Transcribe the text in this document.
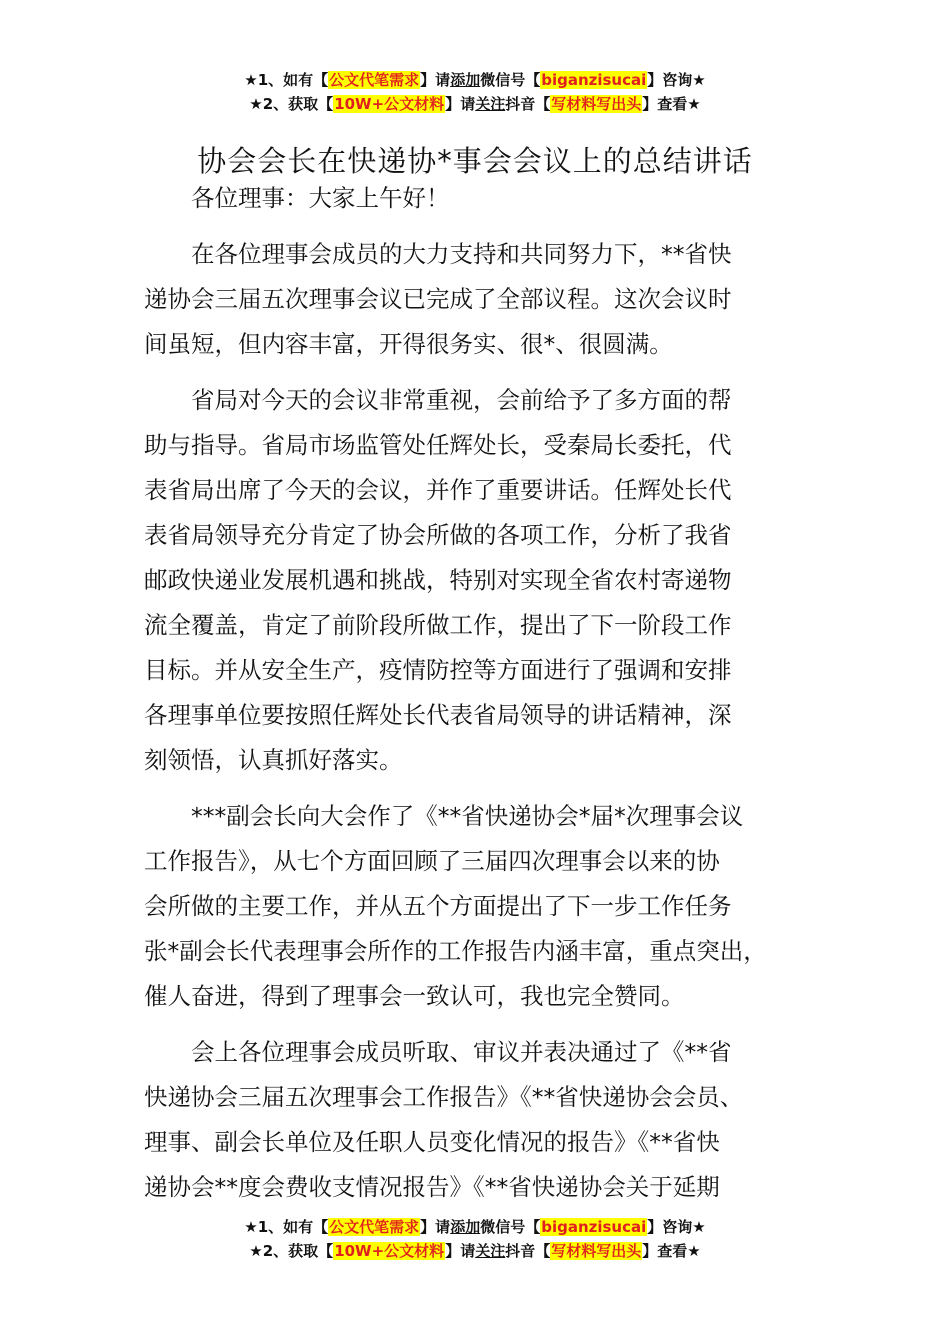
★1、如有【公文代笔需求】请添加微信号【biganzisucai】咨询★
★2、获取【10W+公文材料】请关注抖音【写材料写出头】查看★
协会会长在快递协*事会会议上的总结讲话
各位理事：大家上午好！
在各位理事会成员的大力支持和共同努力下，**省快
递协会三届五次理事会议已完成了全部议程。这次会议时
间虽短，但内容丰富，开得很务实、很*、很圆满。
省局对今天的会议非常重视，会前给予了多方面的帮
助与指导。省局市场监管处任辉处长，受秦局长委托，代
表省局出席了今天的会议，并作了重要讲话。任辉处长代
表省局领导充分肯定了协会所做的各项工作，分析了我省
邮政快递业发展机遇和挑战，特别对实现全省农村寄递物
流全覆盖，肯定了前阶段所做工作，提出了下一阶段工作
目标。并从安全生产，疫情防控等方面进行了强调和安排
各理事单位要按照任辉处长代表省局领导的讲话精神，深
刻领悟，认真抓好落实。
***副会长向大会作了《**省快递协会*届*次理事会议
工作报告》，从七个方面回顾了三届四次理事会以来的协
会所做的主要工作，并从五个方面提出了下一步工作任务
张*副会长代表理事会所作的工作报告内涵丰富，重点突出，
催人奋进，得到了理事会一致认可，我也完全赞同。
会上各位理事会成员听取、审议并表决通过了《**省
快递协会三届五次理事会工作报告》《**省快递协会会员、
理事、副会长单位及任职人员变化情况的报告》《**省快
递协会**度会费收支情况报告》《**省快递协会关于延期
★1、如有【公文代笔需求】请添加微信号【biganzisucai】咨询★
★2、获取【10W+公文材料】请关注抖音【写材料写出头】查看★
